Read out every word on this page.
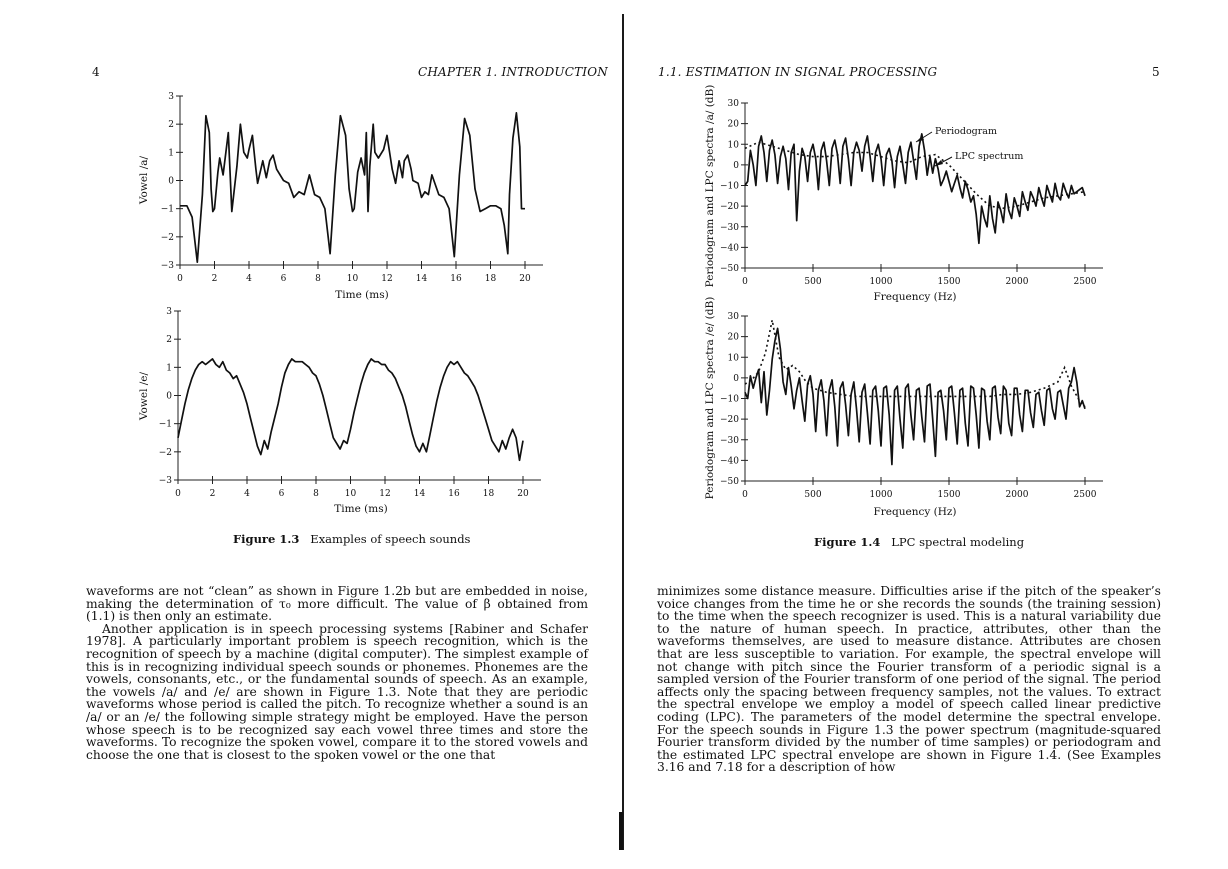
4	CHAPTER 1. INTRODUCTION
3
2
1
0
−1
−2
−3
0	2	4	6	8	10	12	14	16	18	20
Time (ms)
Vowel /a/
3
2
1
0
−1
−2
−3
0	2	4	6	8	10	12	14	16	18	20
Time (ms)
Vowel /e/
Figure 1.3 Examples of speech sounds

waveforms are not “clean” as shown in Figure 1.2b but are embedded in noise, making the determination of τ₀ more difficult. The value of β obtained from (1.1) is then only an estimate.

Another application is in speech processing systems [Rabiner and Schafer 1978]. A particularly important problem is speech recognition, which is the recognition of speech by a machine (digital computer). The simplest example of this is in recognizing individual speech sounds or phonemes. Phonemes are the vowels, consonants, etc., or the fundamental sounds of speech. As an example, the vowels /a/ and /e/ are shown in Figure 1.3. Note that they are periodic waveforms whose period is called the pitch. To recognize whether a sound is an /a/ or an /e/ the following simple strategy might be employed. Have the person whose speech is to be recognized say each vowel three times and store the waveforms. To recognize the spoken vowel, compare it to the stored vowels and choose the one that is closest to the spoken vowel or the one that

1.1. ESTIMATION IN SIGNAL PROCESSING	5
Figure 1.4 LPC spectral modeling

minimizes some distance measure. Difficulties arise if the pitch of the speaker’s voice changes from the time he or she records the sounds (the training session) to the time when the speech recognizer is used. This is a natural variability due to the nature of human speech. In practice, attributes, other than the waveforms themselves, are used to measure distance. Attributes are chosen that are less susceptible to variation. For example, the spectral envelope will not change with pitch since the Fourier transform of a periodic signal is a sampled version of the Fourier transform of one period of the signal. The period affects only the spacing between frequency samples, not the values. To extract the spectral envelope we employ a model of speech called linear predictive coding (LPC). The parameters of the model determine the spectral envelope. For the speech sounds in Figure 1.3 the power spectrum (magnitude-squared Fourier transform divided by the number of time samples) or periodogram and the estimated LPC spectral envelope are shown in Figure 1.4. (See Examples 3.16 and 7.18 for a description of how

30
20
10
0
−10
−20
−30
−40
−50
0	500	1000	1500	2000	2500
Frequency (Hz)
Periodogram and LPC spectra /a/ (dB)	Periodogram
LPC spectrum
30
20
10
0
−10
−20
−30
−40
−50
0	500	1000	1500	2000	2500
Frequency (Hz)
Periodogram and LPC spectra /e/ (dB)
